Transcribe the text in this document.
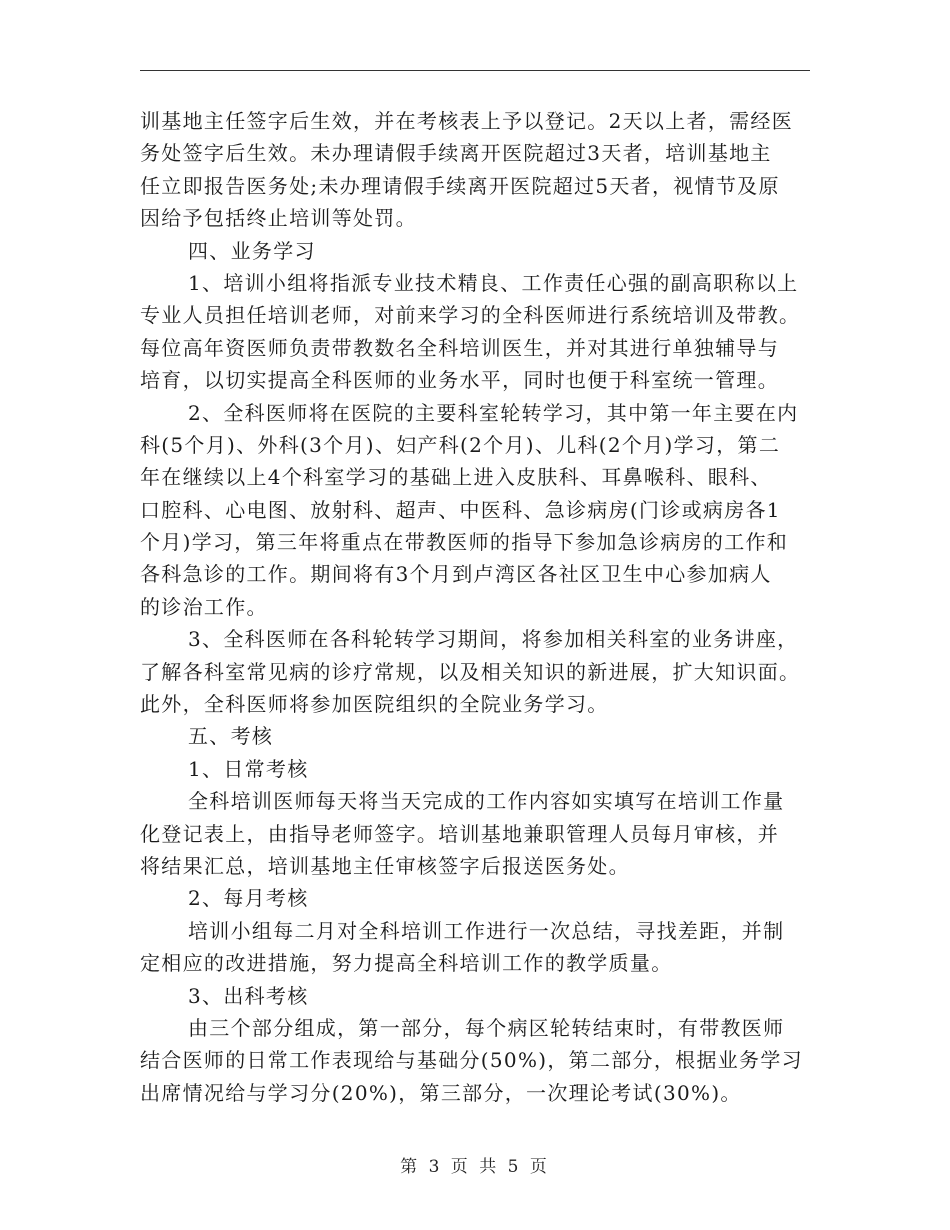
训基地主任签字后生效，并在考核表上予以登记。2天以上者，需经医
务处签字后生效。未办理请假手续离开医院超过3天者，培训基地主
任立即报告医务处;未办理请假手续离开医院超过5天者，视情节及原
因给予包括终止培训等处罚。
四、业务学习
1、培训小组将指派专业技术精良、工作责任心强的副高职称以上
专业人员担任培训老师，对前来学习的全科医师进行系统培训及带教。
每位高年资医师负责带教数名全科培训医生，并对其进行单独辅导与
培育，以切实提高全科医师的业务水平，同时也便于科室统一管理。
2、全科医师将在医院的主要科室轮转学习，其中第一年主要在内
科(5个月)、外科(3个月)、妇产科(2个月)、儿科(2个月)学习，第二
年在继续以上4个科室学习的基础上进入皮肤科、耳鼻喉科、眼科、
口腔科、心电图、放射科、超声、中医科、急诊病房(门诊或病房各1
个月)学习，第三年将重点在带教医师的指导下参加急诊病房的工作和
各科急诊的工作。期间将有3个月到卢湾区各社区卫生中心参加病人
的诊治工作。
3、全科医师在各科轮转学习期间，将参加相关科室的业务讲座，
了解各科室常见病的诊疗常规，以及相关知识的新进展，扩大知识面。
此外，全科医师将参加医院组织的全院业务学习。
五、考核
1、日常考核
全科培训医师每天将当天完成的工作内容如实填写在培训工作量
化登记表上，由指导老师签字。培训基地兼职管理人员每月审核，并
将结果汇总，培训基地主任审核签字后报送医务处。
2、每月考核
培训小组每二月对全科培训工作进行一次总结，寻找差距，并制
定相应的改进措施，努力提高全科培训工作的教学质量。
3、出科考核
由三个部分组成，第一部分，每个病区轮转结束时，有带教医师
结合医师的日常工作表现给与基础分(50%)，第二部分，根据业务学习
出席情况给与学习分(20%)，第三部分，一次理论考试(30%)。
第 3 页 共 5 页
